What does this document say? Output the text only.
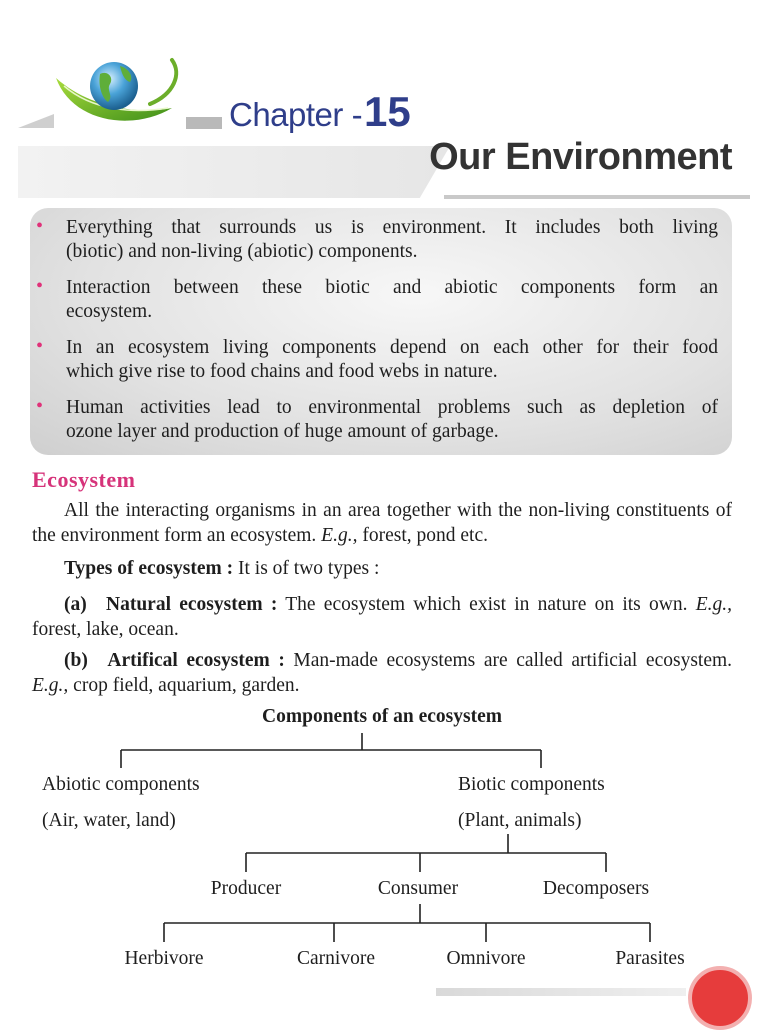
Chapter - 15
Our Environment
• Everything that surrounds us is environment. It includes both living
(biotic) and non-living (abiotic) components.
• Interaction between these biotic and abiotic components form an
ecosystem.
• In an ecosystem living components depend on each other for their food
which give rise to food chains and food webs in nature.
• Human activities lead to environmental problems such as depletion of
ozone layer and production of huge amount of garbage.
Ecosystem

All the interacting organisms in an area together with the non-living constituents of the environment form an ecosystem. E.g., forest, pond etc.

Types of ecosystem : It is of two types :

(a) Natural ecosystem : The ecosystem which exist in nature on its own. E.g., forest, lake, ocean.

(b) Artifical ecosystem : Man-made ecosystems are called artificial ecosystem. E.g., crop field, aquarium, garden.

Components of an ecosystem
Abiotic components
(Air, water, land)
Biotic components
(Plant, animals)
Producer	Consumer	Decomposers
Herbivore	Carnivore	Omnivore	Parasites
